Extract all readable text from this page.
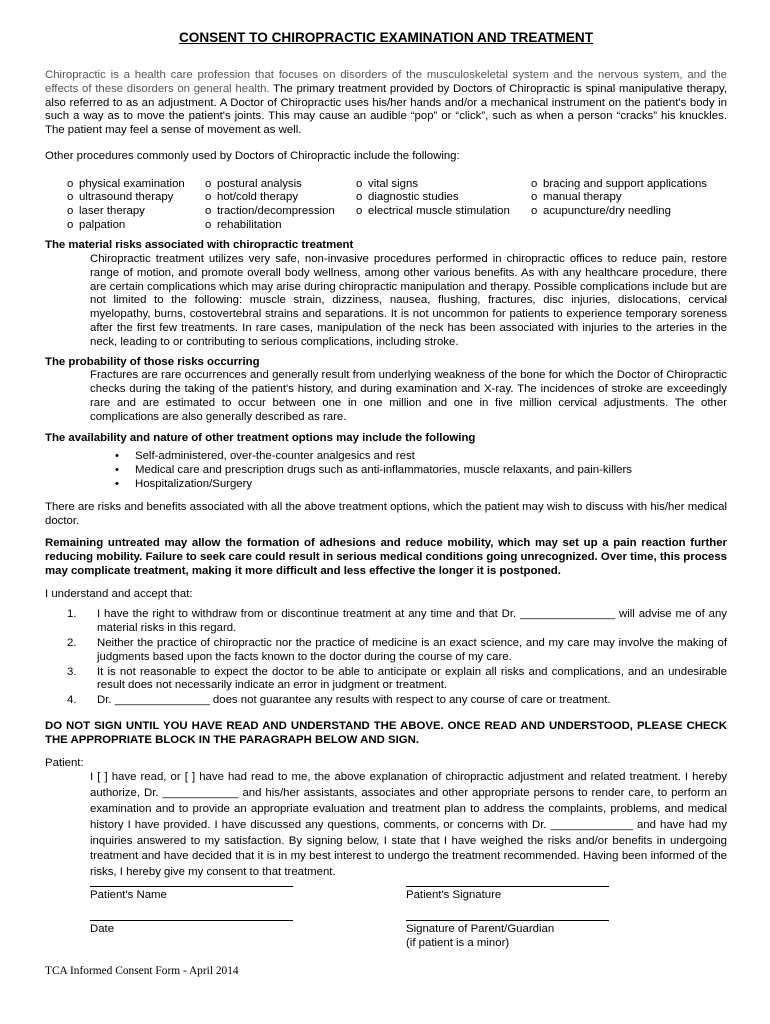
CONSENT TO CHIROPRACTIC EXAMINATION AND TREATMENT

Chiropractic is a health care profession that focuses on disorders of the musculoskeletal system and the nervous system, and the effects of these disorders on general health. The primary treatment provided by Doctors of Chiropractic is spinal manipulative therapy, also referred to as an adjustment. A Doctor of Chiropractic uses his/her hands and/or a mechanical instrument on the patient's body in such a way as to move the patient's joints. This may cause an audible “pop” or “click”, such as when a person “cracks” his knuckles. The patient may feel a sense of movement as well.

Other procedures commonly used by Doctors of Chiropractic include the following:

o physical examination
o ultrasound therapy
o laser therapy
o palpation
o postural analysis
o hot/cold therapy
o traction/decompression
o rehabilitation
o vital signs
o diagnostic studies
o electrical muscle stimulation
o bracing and support applications
o manual therapy
o acupuncture/dry needling
The material risks associated with chiropractic treatment

Chiropractic treatment utilizes very safe, non-invasive procedures performed in chiropractic offices to reduce pain, restore range of motion, and promote overall body wellness, among other various benefits. As with any healthcare procedure, there are certain complications which may arise during chiropractic manipulation and therapy. Possible complications include but are not limited to the following: muscle strain, dizziness, nausea, flushing, fractures, disc injuries, dislocations, cervical myelopathy, burns, costovertebral strains and separations. It is not uncommon for patients to experience temporary soreness after the first few treatments. In rare cases, manipulation of the neck has been associated with injuries to the arteries in the neck, leading to or contributing to serious complications, including stroke.

The probability of those risks occurring

Fractures are rare occurrences and generally result from underlying weakness of the bone for which the Doctor of Chiropractic checks during the taking of the patient's history, and during examination and X-ray. The incidences of stroke are exceedingly rare and are estimated to occur between one in one million and one in five million cervical adjustments. The other complications are also generally described as rare.

The availability and nature of other treatment options may include the following
• Self-administered, over-the-counter analgesics and rest
• Medical care and prescription drugs such as anti-inflammatories, muscle relaxants, and pain-killers
• Hospitalization/Surgery

There are risks and benefits associated with all the above treatment options, which the patient may wish to discuss with his/her medical doctor.

Remaining untreated may allow the formation of adhesions and reduce mobility, which may set up a pain reaction further reducing mobility. Failure to seek care could result in serious medical conditions going unrecognized. Over time, this process may complicate treatment, making it more difficult and less effective the longer it is postponed.

I understand and accept that:

1. I have the right to withdraw from or discontinue treatment at any time and that Dr. _______________ will advise me of any material risks in this regard.
2. Neither the practice of chiropractic nor the practice of medicine is an exact science, and my care may involve the making of judgments based upon the facts known to the doctor during the course of my care.
3. It is not reasonable to expect the doctor to be able to anticipate or explain all risks and complications, and an undesirable result does not necessarily indicate an error in judgment or treatment.
4. Dr. _______________ does not guarantee any results with respect to any course of care or treatment.

DO NOT SIGN UNTIL YOU HAVE READ AND UNDERSTAND THE ABOVE. ONCE READ AND UNDERSTOOD, PLEASE CHECK THE APPROPRIATE BLOCK IN THE PARAGRAPH BELOW AND SIGN.

Patient:

I [ ] have read, or [ ] have had read to me, the above explanation of chiropractic adjustment and related treatment. I hereby authorize, Dr. ____________ and his/her assistants, associates and other appropriate persons to render care, to perform an examination and to provide an appropriate evaluation and treatment plan to address the complaints, problems, and medical history I have provided. I have discussed any questions, comments, or concerns with Dr. _____________ and have had my inquiries answered to my satisfaction. By signing below, I state that I have weighed the risks and/or benefits in undergoing treatment and have decided that it is in my best interest to undergo the treatment recommended. Having been informed of the risks, I hereby give my consent to that treatment.

Patient's Name	Patient's Signature
Date	Signature of Parent/Guardian
(if patient is a minor)
TCA Informed Consent Form - April 2014
